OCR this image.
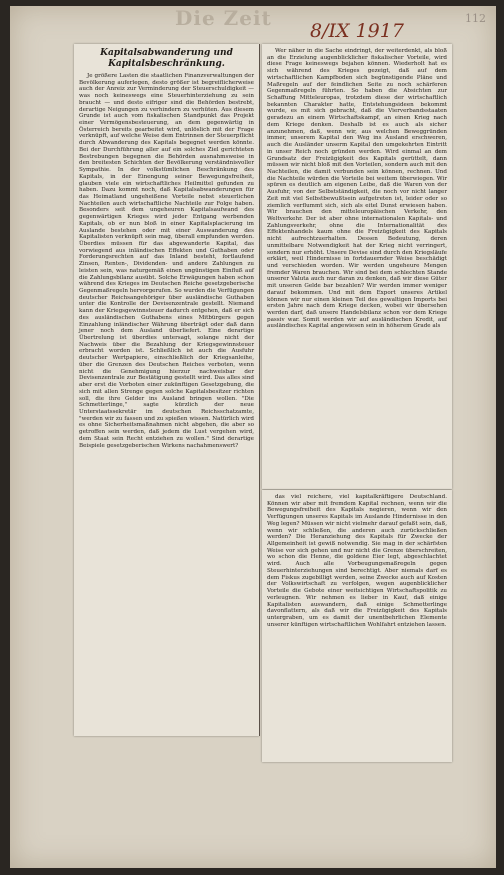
Die Zeit
8/IX 1917
112
Kapitalsabwanderung und Kapitalsbeschränkung.

Je größere Lasten die staatlichen Finanzverwaltungen der Bevölkerung auferlegen, desto größer ist begreiflicherweise auch der Anreiz zur Verminderung der Steuerschuldigkeit — was noch keineswegs eine Steuerhinterziehung zu sein braucht — und desto eifriger sind die Behörden bestrebt, derartige Neigungen zu verhindern zu verhüten. Aus diesem Grunde ist auch vom fiskalischen Standpunkt das Projekt einer Vermögensbesteuerung, an dem gegenwärtig in Österreich bereits gearbeitet wird, unlöslich mit der Frage verknüpft, auf welche Weise dem Entrinnen der Steuerpflicht durch Abwanderung des Kapitals begegnet werden könnte. Bei der Durchführung aller auf ein solches Ziel gerichteten Bestrebungen begegnen die Behörden ausnahmsweise in den breitesten Schichten der Bevölkerung verständnisvoller Sympathie. In der volkstümlichen Beschränkung des Kapitals, in der Einengung seiner Bewegungsfreiheit, glauben viele ein wirtschaftliches Heilmittel gefunden zu haben. Dazu kommt noch, daß Kapitalsabwanderungen für das Heimatland ungeheißene Vorteile nebst steuerlichen Nachteilen auch wirtschaftliche Nachteile zur Folge haben. Besonders seit dem ungeheuren Kapitalsaufwand des gegenwärtigen Krieges wird jeder Entgang werbenden Kapitals, ob er nun bloß in einer Kapitalsplacierung im Auslande bestehen oder mit einer Auswanderung des Kapitalisten verknüpft sein mag, überall empfunden werden. Überdies müssen für das abgewanderte Kapital, das vorwiegend aus inländischen Effekten und Guthaben oder Forderungsrechten auf das Inland besteht, fortlaufend Zinsen, Renten-, Dividenden- und andere Zahlungen zu leisten sein, was naturgemäß einen ungünstigen Einfluß auf die Zahlungsbilanz ausübt. Solche Erwägungen haben schon während des Krieges im Deutschen Reiche gesetzgeberische Gegenmaßregeln hervorgerufen. So wurden die Verfügungen deutscher Reichsangehöriger über ausländische Guthaben unter die Kontrolle der Devisenzentrale gestellt. Niemand kann der Kriegsgewinnsteuer dadurch entgehen, daß er sich des ausländischen Guthabens eines Mitbürgers gegen Einzahlung inländischer Währung überträgt oder daß dann jener noch dem Ausland überliefert. Eine derartige Übertrelung ist überdies untersagt, solange nicht der Nachweis über die Bezahlung der Kriegsgewinnsteuer erbracht worden ist. Schließlich ist auch die Ausfuhr deutscher Wertpapiere, einschließlich der Kriegsanleihe, über die Grenzen des Deutschen Reiches verboten, wenn nicht die Genehmigung hierzur nachweisbar der Devisenzentrale zur Bestätigung gestellt wird. Das alles sind aber erst die Vorboten einer zukünftigen Gesetzgebung, die sich mit allen Strenge gegen solche Kapitalsbesitzer richten soll, die ihre Gelder ins Ausland bringen wollen. "Die Schmetterlinge," sagte kürzlich der neue Unterstaatssekretär im deutschen Reichsschatzamte, "werden wir zu fassen und zu spießen wissen. Natürlich wird es ohne Sicherheitsmaßnahmen nicht abgehen, die aber so getroffen sein werden, daß jedem die Lust vergehen wird, dem Staat sein Recht entziehen zu wollen." Sind derartige Beispiele gesetzgeberischen Wirkens nachahmenswert?

Wer näher in die Sache eindringt, der weiterdenkt, als bloß an die Erzielung augenblicklicher fiskalischer Vorteile, wird diese Frage keineswegs bejahen können. Wiederholt hat es sich während des Krieges gezeigt, daß auf dem wirtschaftlichen Kampfboden sich begünstigende Pläne und Maßregeln auf der feindlichen Seite zu noch schärferen Gegenmaßregeln führten. So haben die Absichten zur Schaffung Mitteleuropas, trotzdem diese der wirtschaftlich bekannten Charakter hatte, Entstehungsideen bekommt wurde, es mit sich gebracht, daß die Vierverbandsstaaten geradezu an einem Wirtschaftskampf, an einen Krieg nach dem Kriege denken. Deshalb ist es auch als sicher anzunehmen, daß, wenn wir, aus welchen Beweggründen immer, unserem Kapital den Weg ins Ausland erschweren, auch die Ausländer unserm Kapital den umgekehrten Eintritt in unser Reich noch gründen werden. Wird einmal an dem Grundsatz der Freizügigkeit des Kapitals gerüttelt, dann müssen wir nicht bloß mit den Vorteilen, sondern auch mit den Nachteilen, die damit verbunden sein können, rechnen. Und die Nachteile würden die Vorteile bei weitem überwiegen. Wir spüren es deutlich am eigenen Leibe, daß die Waren von der Ausfuhr, von der Selbstständigkeit, die noch vor nicht langer Zeit mit viel Selbstbewußtsein aufgetreten ist, leider oder so ziemlich verflummt sich, sich als eitel Dunst erwiesen haben. Wir brauchen den mitteleuropäischen Verkehr, den Weltverkehr. Der ist aber ohne internationalen Kapitals- und Zahlungsverkehr, ohne die Internationalität des Effektenhandels kaum ohne die Freizügigkeit des Kapitals nicht aufrechtzuerhalten. Dessen Bedeutung, deren unmittelbare Notwendigkeit hat der Krieg nicht verringert, sondern nur erhöht. Unsere Devise sind durch den Kriegsläufe erklärt, weil Hindernisse in fortdauernder Weise beschädigt und verschieden worden. Wir werden ungeheure Mengen fremder Waren brauchen. Wir sind bei dem schlechten Stande unserer Valuta auch nur daran zu denken, daß wir diese Güter mit unseren Gelde bar bezahlen? Wir werden immer weniger darauf bekommen. Und mit dem Export unseres Artikel können wir nur einen kleinen Teil des gewaltigen Imports bei ersten Jahre nach dem Kriege decken, wobei wir übersehen werden darf, daß unsere Handelsbilanz schon vor dem Kriege passiv war. Somit werden wir auf ausländischen Kredit, auf ausländisches Kapital angewiesen sein in höherem Grade als

das viel reichere, viel kapitalkräftigere Deutschland. Können wir aber mit fremdem Kapital rechnen, wenn wir die Bewegungsfreiheit des Kapitals negieren, wenn wir den Verfügungen unseres Kapitals im Auslande Hindernisse in den Weg legen? Müssen wir nicht vielmehr darauf gefaßt sein, daß, wenn wir schließen, die anderen auch zurückschließen werden? Die Heranziehung des Kapitals für Zwecke der Allgemeinheit ist gewiß notwendig. Sie mag in der schärfsten Weise vor sich gehen und nur nicht die Grenze überschreiten, wo schon die Henne, die goldene Eier legt, abgeschlachtet wird. Auch alle Vorbeugungsmaßregeln gegen Steuerhinterziehungen sind berechtigt. Aber niemals darf es dem Fiskus zugebilligt werden, seine Zwecke auch auf Kosten der Volkswirtschaft zu verfolgen, wegen augenblicklicher Vorteile die Gebote einer weitsichtigen Wirtschaftspolitik zu verleugnen. Wir nehmen es lieber in Kauf, daß einige Kapitalisten auswandern, daß einige Schmetterlinge davonflattern, als daß wir die Freizügigkeit des Kapitals untergraben, um es damit der unentbehrlichen Elemente unserer künftigen wirtschaftlichen Wohlfahrt entziehen lassen.
